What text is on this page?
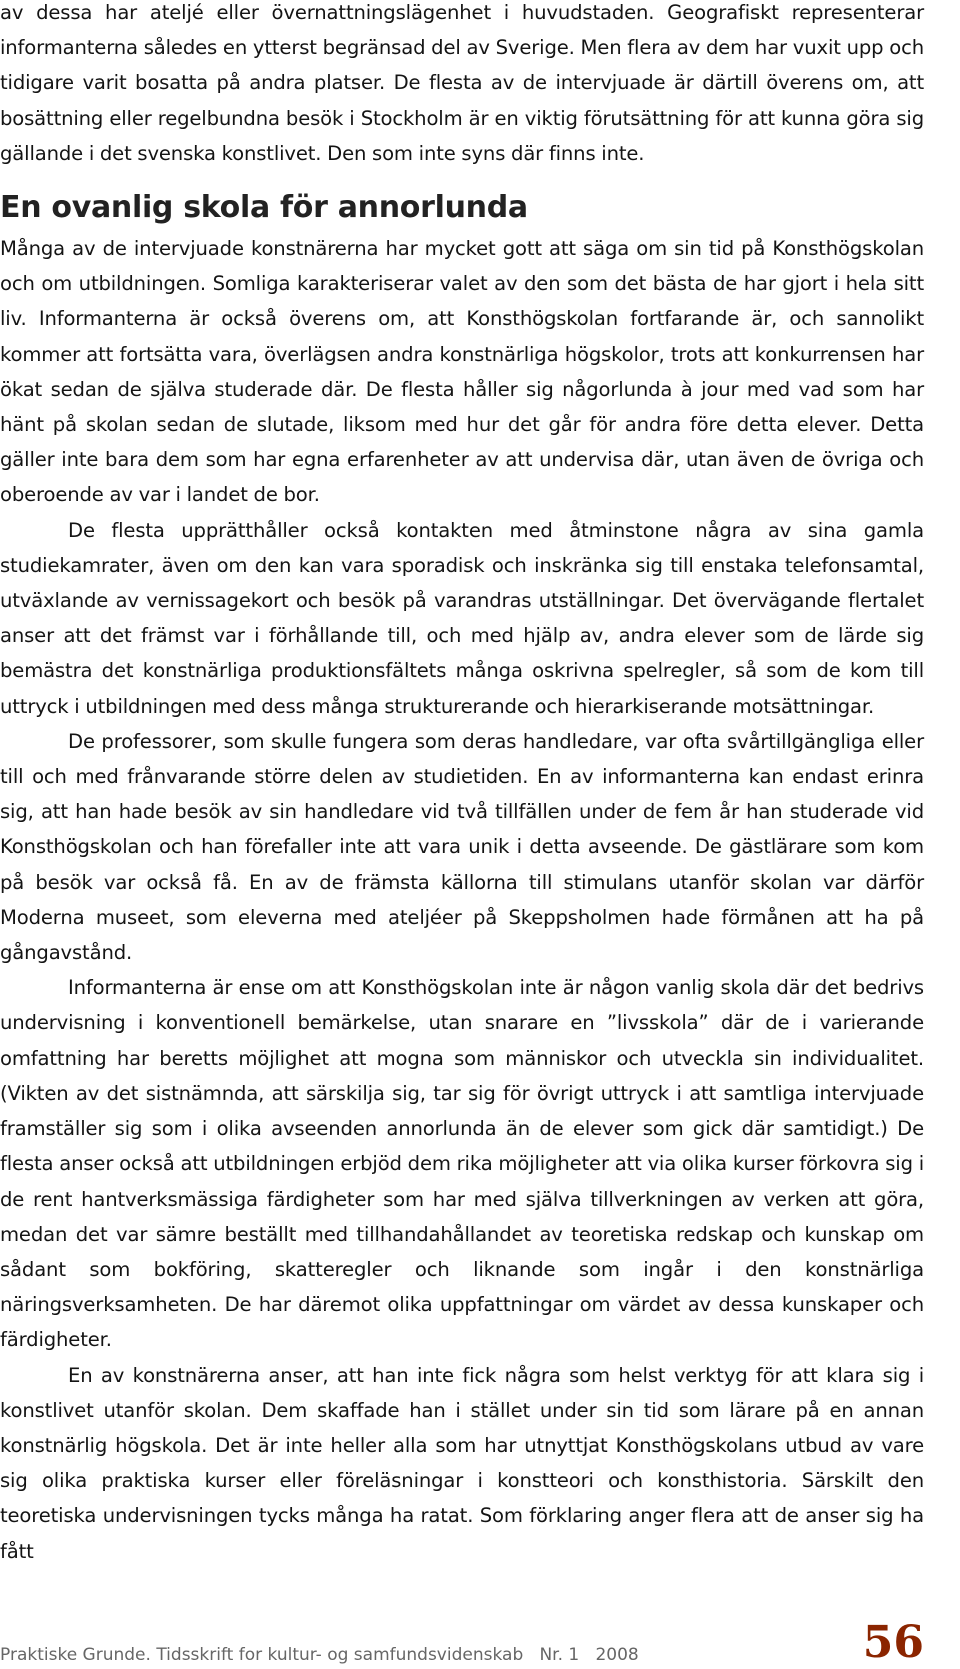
av dessa har ateljé eller övernattningslägenhet i huvudstaden. Geografiskt representerar informanterna således en ytterst begränsad del av Sverige. Men flera av dem har vuxit upp och tidigare varit bosatta på andra platser. De flesta av de intervjuade är därtill överens om, att bosättning eller regelbundna besök i Stockholm är en viktig förutsättning för att kunna göra sig gällande i det svenska konstlivet. Den som inte syns där finns inte.

En ovanlig skola för annorlunda

Många av de intervjuade konstnärerna har mycket gott att säga om sin tid på Konsthögskolan och om utbildningen. Somliga karakteriserar valet av den som det bästa de har gjort i hela sitt liv. Informanterna är också överens om, att Konsthögskolan fortfarande är, och sannolikt kommer att fortsätta vara, överlägsen andra konstnärliga högskolor, trots att konkurrensen har ökat sedan de själva studerade där. De flesta håller sig någorlunda à jour med vad som har hänt på skolan sedan de slutade, liksom med hur det går för andra före detta elever. Detta gäller inte bara dem som har egna erfarenheter av att undervisa där, utan även de övriga och oberoende av var i landet de bor.

De flesta upprätthåller också kontakten med åtminstone några av sina gamla studiekamrater, även om den kan vara sporadisk och inskränka sig till enstaka telefonsamtal, utväxlande av vernissagekort och besök på varandras utställningar. Det övervägande flertalet anser att det främst var i förhållande till, och med hjälp av, andra elever som de lärde sig bemästra det konstnärliga produktionsfältets många oskrivna spelregler, så som de kom till uttryck i utbildningen med dess många strukturerande och hierarkiserande motsättningar.

De professorer, som skulle fungera som deras handledare, var ofta svårtillgängliga eller till och med frånvarande större delen av studietiden. En av informanterna kan endast erinra sig, att han hade besök av sin handledare vid två tillfällen under de fem år han studerade vid Konsthögskolan och han förefaller inte att vara unik i detta avseende. De gästlärare som kom på besök var också få. En av de främsta källorna till stimulans utanför skolan var därför Moderna museet, som eleverna med ateljéer på Skeppsholmen hade förmånen att ha på gångavstånd.

Informanterna är ense om att Konsthögskolan inte är någon vanlig skola där det bedrivs undervisning i konventionell bemärkelse, utan snarare en ”livsskola” där de i varierande omfattning har beretts möjlighet att mogna som människor och utveckla sin individualitet. (Vikten av det sistnämnda, att särskilja sig, tar sig för övrigt uttryck i att samtliga intervjuade framställer sig som i olika avseenden annorlunda än de elever som gick där samtidigt.) De flesta anser också att utbildningen erbjöd dem rika möjligheter att via olika kurser förkovra sig i de rent hantverksmässiga färdigheter som har med själva tillverkningen av verken att göra, medan det var sämre beställt med tillhandahållandet av teoretiska redskap och kunskap om sådant som bokföring, skatteregler och liknande som ingår i den konstnärliga näringsverksamheten. De har däremot olika uppfattningar om värdet av dessa kunskaper och färdigheter.

En av konstnärerna anser, att han inte fick några som helst verktyg för att klara sig i konstlivet utanför skolan. Dem skaffade han i stället under sin tid som lärare på en annan konstnärlig högskola. Det är inte heller alla som har utnyttjat Konsthögskolans utbud av vare sig olika praktiska kurser eller föreläsningar i konstteori och konsthistoria. Särskilt den teoretiska undervisningen tycks många ha ratat. Som förklaring anger flera att de anser sig ha fått

Praktiske Grunde. Tidsskrift for kultur- og samfundsvidenskab Nr. 1 2008	56
